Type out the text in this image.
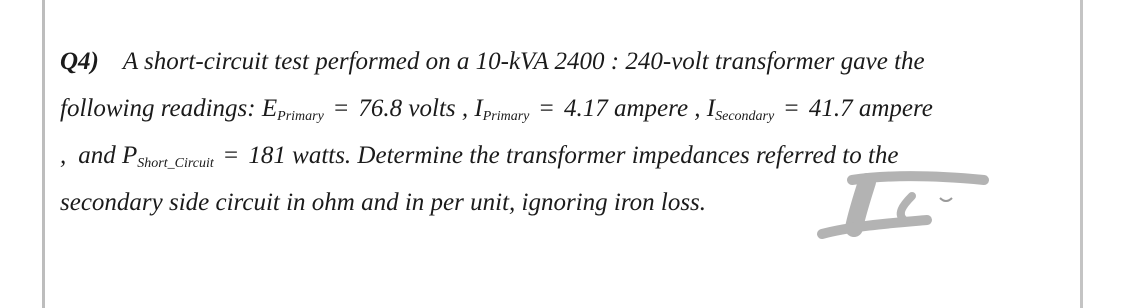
Q4) A short-circuit test performed on a 10-kVA 2400 : 240-volt transformer gave the
following readings: $E_{Primary} = 76.8$ volts , $I_{Primary} = 4.17$ ampere , $I_{Secondary} = 41.7$ ampere
, and $P_{Short\_Circuit} = 181$ watts. Determine the transformer impedances referred to the
secondary side circuit in ohm and in per unit, ignoring iron loss.
